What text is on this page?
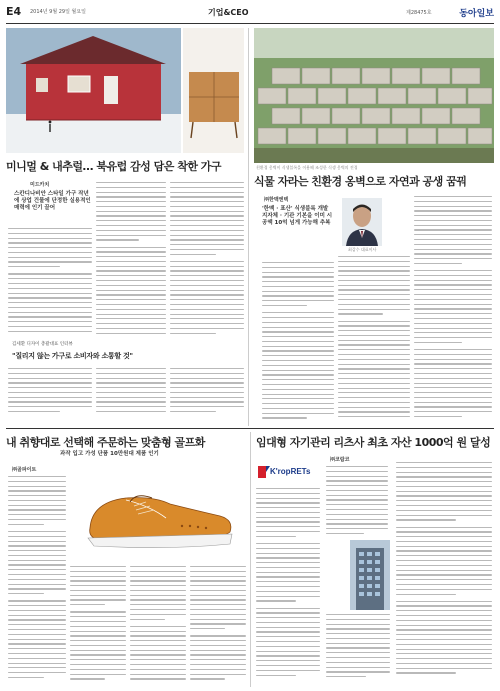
E4 2014년 9월 29일 월요일	기업&CEO	제28475호	동아일보
미니멀 & 내추럴… 북유럽 감성 담은 착한 가구
미드카치
스칸디나비안 스타일 가구 작년에 상업 건물에 단정한 실용적인 매력에 인기 끌어
김세환 디자이 총괄대표 인터뷰
"질리지 않는 가구로 소비자와 소통할 것"
친환경 옹벽이 식생블록을 이용해 조성한 식생 옹벽의 전경
식물 자라는 친환경 옹벽으로 자연과 공생 꿈꿔
㈜한맥엔텍
'한맥 · 표산' 식생블록 개발 지자체 · 기관 기본을 이미 시 공액 10억 넘게 가능해 추복
최갑수 대표이사
내 취향대로 선택해 주문하는 맞춤형 골프화
과작 입고 가성 단품 10만원대 제품 인기
㈜골파이트
임대형 자기관리 리츠사 최초 자산 1000억 원 달성
K'ropRETs
㈜코람코
